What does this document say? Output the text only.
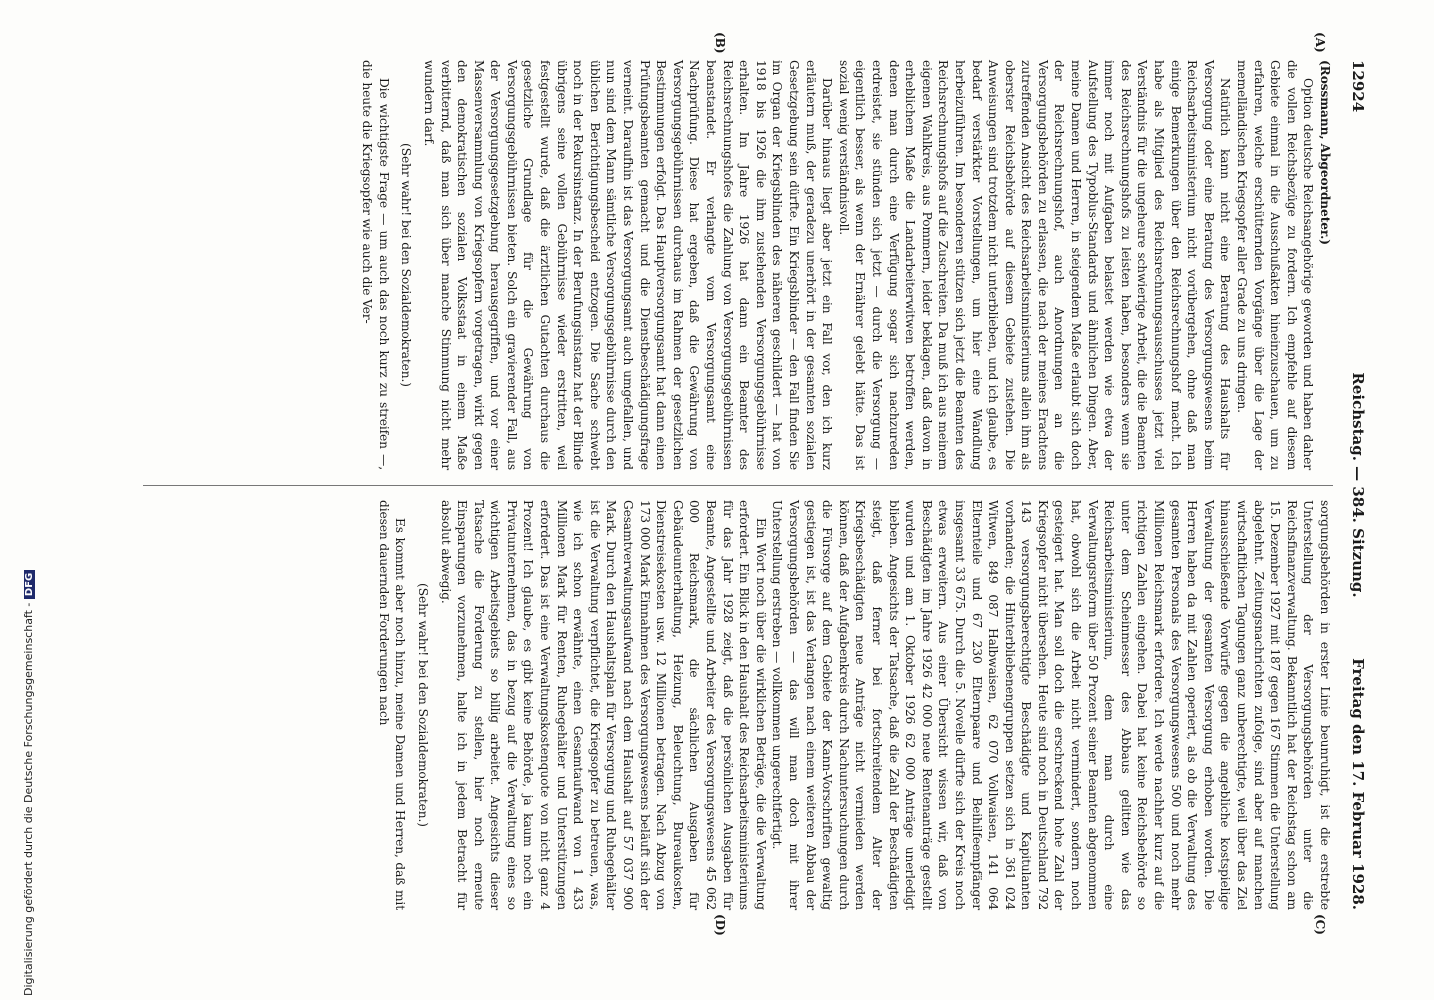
12924
Reichstag. — 384. Sitzung.
Freitag den 17. Februar 1928.
(A)
(B)
(C)
(D)

(Rossmann, Abgeordneter.)

Option deutsche Reichsangehörige geworden und haben daher die vollen Reichsbezüge zu fordern. Ich empfehle auf diesem Gebiete einmal in die Ausschußakten hineinzuschauen, um zu erfahren, welche erschütternden Vorgänge über die Lage der memelländischen Kriegsopfer aller Grade zu uns dringen.

Natürlich kann nicht eine Beratung des Haushalts für Versorgung oder eine Beratung des Versorgungswesens beim Reichsarbeitsministerium nicht vorübergehen, ohne daß man einige Bemerkungen über den Reichsrechnungshof macht. Ich habe als Mitglied des Reichsrechnungsausschusses jetzt viel Verständnis für die ungeheure schwierige Arbeit, die die Beamten des Reichsrechnungshofs zu leisten haben, besonders wenn sie immer noch mit Aufgaben belastet werden wie etwa der Aufstellung des Typoblus-Standards und ähnlichen Dingen. Aber, meine Damen und Herren, in steigendem Maße erlaubt sich doch der Reichsrechnungshof, auch Anordnungen an die Versorgungsbehörden zu erlassen, die nach der meines Erachtens zutreffenden Ansicht des Reichsarbeitsministeriums allein ihm als oberster Reichsbehörde auf diesem Gebiete zustehen. Die Anweisungen sind trotzdem nicht unterblieben, und ich glaube, es bedarf verstärkter Vorstellungen, um hier eine Wandlung herbeizuführen. Im besonderen stützen sich jetzt die Beamten des Reichsrechnungshofs auf die Zuschreiten. Da muß ich aus meinem eigenen Wahlkreis, aus Pommern, leider beklagen, daß davon in erheblichem Maße die Landarbeiterwitwen betroffen werden, denen man durch eine Verfügung sogar sich nachzureden erdreistet, sie stünden sich jetzt — durch die Versorgung — eigentlich besser, als wenn der Ernährer gelebt hätte. Das ist sozial wenig verständnisvoll.

Darüber hinaus liegt aber jetzt ein Fall vor, den ich kurz erläutern muß, der geradezu unerhört in der gesamten sozialen Gesetzgebung sein dürfte. Ein Kriegsblinder — den Fall finden Sie im Organ der Kriegsblinden des näheren geschildert — hat von 1918 bis 1926 die ihm zustehenden Versorgungsgebührnisse erhalten. Im Jahre 1926 hat dann ein Beamter des Reichsrechnungshofes die Zahlung von Versorgungsgebührnissen beanstandet. Er verlangte vom Versorgungsamt eine Nachprüfung. Diese hat ergeben, daß die Gewährung von Versorgungsgebührnissen durchaus im Rahmen der gesetzlichen Bestimmungen erfolgt. Das Hauptversorgungsamt hat dann einen Prüfungsbeamten gemacht und die Dienstbeschädigungsfrage verneint. Daraufhin ist das Versorgungsamt auch umgefallen, und nun sind dem Mann sämtliche Versorgungsgebührnisse durch den üblichen Berichtigungsbescheid entzogen. Die Sache schwebt noch in der Rekursinstanz. In der Berufungsinstanz hat der Blinde übrigens seine vollen Gebührnisse wieder erstritten, weil festgestellt wurde, daß die ärztlichen Gutachten durchaus die gesetzliche Grundlage für die Gewährung von Versorgungsgebührnissen bieten. Solch ein gravierender Fall, aus der Versorgungsgesetzgebung herausgegriffen, und vor einer Massenversammlung von Kriegsopfern vorgetragen, wirkt gegen den demokratischen sozialen Volksstaat in einem Maße verbitternd, daß man sich über manche Stimmung nicht mehr wundern darf.

(Sehr wahr! bei den Sozialdemokraten.)

Die wichtigste Frage — um auch das noch kurz zu streifen —, die heute die Kriegsopfer wie auch die Ver-

sorgungsbehörden in erster Linie beunruhigt, ist die erstrebte Unterstellung der Versorgungsbehörden unter die Reichsfinanzverwaltung. Bekanntlich hat der Reichstag schon am 15. Dezember 1927 mit 187 gegen 167 Stimmen die Unterstellung abgelehnt. Zeitungsnachrichten zufolge, sind aber auf manchen wirtschaftlichen Tagungen ganz unberechtigte, weil über das Ziel hinausschießende Vorwürfe gegen die angebliche kostspielige Verwaltung der gesamten Versorgung erhoben worden. Die Herren haben da mit Zahlen operiert, als ob die Verwaltung des gesamten Personals des Versorgungswesens 500 und noch mehr Millionen Reichsmark erfordere. Ich werde nachher kurz auf die richtigen Zahlen eingehen. Dabei hat keine Reichsbehörde so unter dem Scheinmesser des Abbaus gelitten wie das Reichsarbeitsministerium, dem man durch eine Verwaltungsreform über 50 Prozent seiner Beamten abgenommen hat, obwohl sich die Arbeit nicht vermindert, sondern noch gesteigert hat. Man soll doch die erschreckend hohe Zahl der Kriegsopfer nicht übersehen. Heute sind noch in Deutschland 792 143 versorgungsberechtigte Beschädigte und Kapitulanten vorhanden; die Hinterbliebenengruppen setzen sich in 361 024 Witwen, 849 087 Halbwaisen, 62 070 Vollwaisen, 141 064 Elternteile und 67 230 Elternpaare und Beihilfeempfänger insgesamt 33 675. Durch die 5. Novelle dürfte sich der Kreis noch etwas erweitern. Aus einer Übersicht wissen wir, daß von Beschädigten im Jahre 1926 42 000 neue Rentenanträge gestellt wurden und am 1. Oktober 1926 62 000 Anträge unerledigt blieben. Angesichts der Tatsache, daß die Zahl der Beschädigten steigt, daß ferner bei fortschreitendem Alter der Kriegsbeschädigten neue Anträge nicht vermieden werden können, daß der Aufgabenkreis durch Nachuntersuchungen durch die Fürsorge auf dem Gebiete der Kann-Vorschriften gewaltig gestiegen ist, ist das Verlangen nach einem weiteren Abbau der Versorgungsbehörden — das will man doch mit ihrer Unterstellung erstreben — vollkommen ungerechtfertigt.

Ein Wort noch über die wirklichen Beträge, die die Verwaltung erfordert. Ein Blick in den Haushalt des Reichsarbeitsministeriums für das Jahr 1928 zeigt, daß die persönlichen Ausgaben für Beamte, Angestellte und Arbeiter des Versorgungswesens 45 062 000 Reichsmark, die sächlichen Ausgaben für Gebäudeunterhaltung, Heizung, Beleuchtung, Bureaukosten, Dienstreisekosten usw. 12 Millionen betragen. Nach Abzug von 173 000 Mark Einnahmen des Versorgungswesens beläuft sich der Gesamtverwaltungsaufwand nach dem Haushalt auf 57 037 900 Mark. Durch den Haushaltsplan für Versorgung und Ruhegehälter ist die Verwaltung verpflichtet, die Kriegsopfer zu betreuen, was, wie ich schon erwähnte, einen Gesamtaufwand von 1 433 Millionen Mark für Renten, Ruhegehälter und Unterstützungen erfordert. Das ist eine Verwaltungskostenquote von nicht ganz 4 Prozent! Ich glaube, es gibt keine Behörde, ja kaum noch ein Privatunternehmen, das in bezug auf die Verwaltung eines so wichtigen Arbeitsgebiets so billig arbeitet. Angesichts dieser Tatsache die Forderung zu stellen, hier noch erneute Einsparungen vorzunehmen, halte ich in jedem Betracht für absolut abwegig.

(Sehr wahr! bei den Sozialdemokraten.)

Es kommt aber noch hinzu, meine Damen und Herren, daß mit diesen dauernden Forderungen nach

Digitalisierung gefördert durch die Deutsche Forschungsgemeinschaft - DFG
